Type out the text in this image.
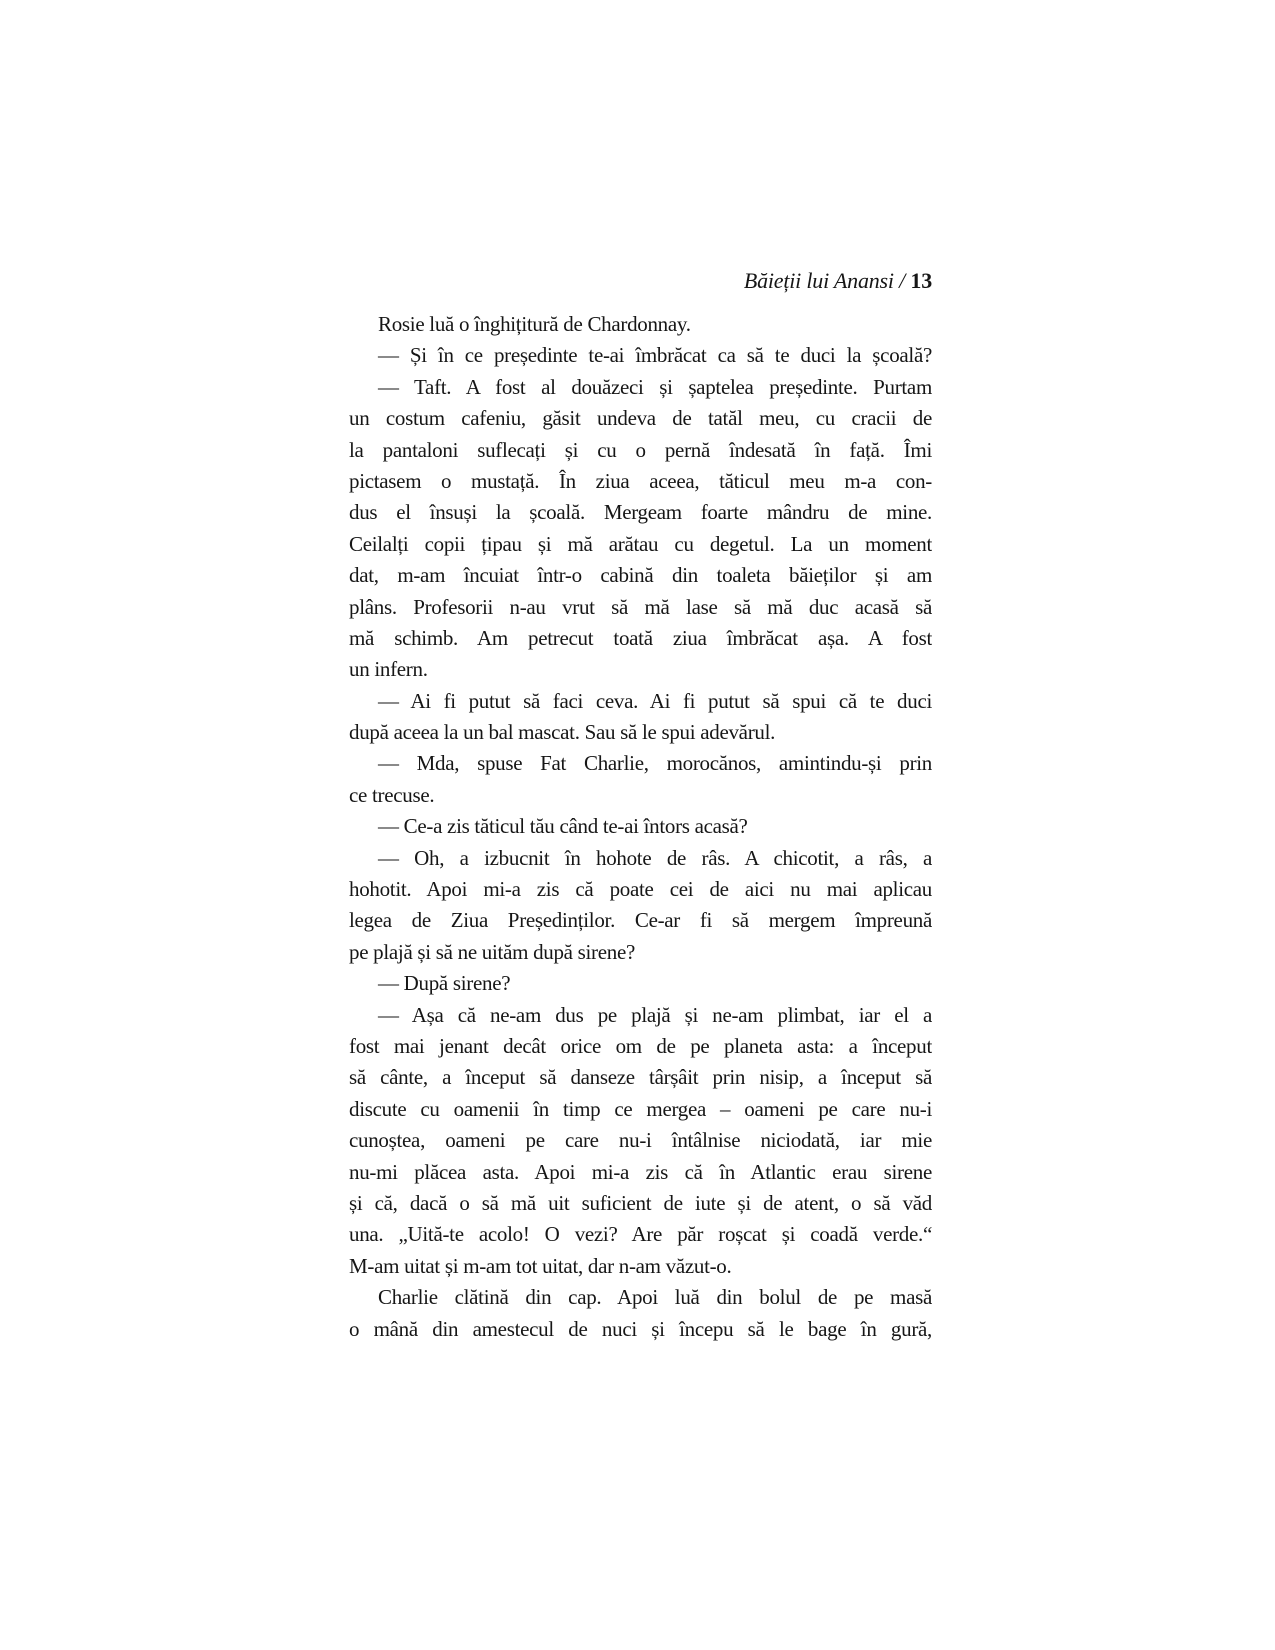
Băieții lui Anansi / 13
Rosie luă o înghițitură de Chardonnay.
— Și în ce președinte te-ai îmbrăcat ca să te duci la școală?
— Taft. A fost al douăzeci și șaptelea președinte. Purtam
un costum cafeniu, găsit undeva de tatăl meu, cu cracii de
la pantaloni suflecați și cu o pernă îndesată în față. Îmi
pictasem o mustață. În ziua aceea, tăticul meu m-a con-
dus el însuși la școală. Mergeam foarte mândru de mine.
Ceilalți copii țipau și mă arătau cu degetul. La un moment
dat, m-am încuiat într-o cabină din toaleta băieților și am
plâns. Profesorii n-au vrut să mă lase să mă duc acasă să
mă schimb. Am petrecut toată ziua îmbrăcat așa. A fost
un infern.
— Ai fi putut să faci ceva. Ai fi putut să spui că te duci
după aceea la un bal mascat. Sau să le spui adevărul.
— Mda, spuse Fat Charlie, morocănos, amintindu-și prin
ce trecuse.
— Ce-a zis tăticul tău când te-ai întors acasă?
— Oh, a izbucnit în hohote de râs. A chicotit, a râs, a
hohotit. Apoi mi-a zis că poate cei de aici nu mai aplicau
legea de Ziua Președinților. Ce-ar fi să mergem împreună
pe plajă și să ne uităm după sirene?
— După sirene?
— Așa că ne-am dus pe plajă și ne-am plimbat, iar el a
fost mai jenant decât orice om de pe planeta asta: a început
să cânte, a început să danseze târșâit prin nisip, a început să
discute cu oamenii în timp ce mergea – oameni pe care nu-i
cunoștea, oameni pe care nu-i întâlnise niciodată, iar mie
nu-mi plăcea asta. Apoi mi-a zis că în Atlantic erau sirene
și că, dacă o să mă uit suficient de iute și de atent, o să văd
una. „Uită-te acolo! O vezi? Are păr roșcat și coadă verde.“
M-am uitat și m-am tot uitat, dar n-am văzut-o.
Charlie clătină din cap. Apoi luă din bolul de pe masă
o mână din amestecul de nuci și începu să le bage în gură,
